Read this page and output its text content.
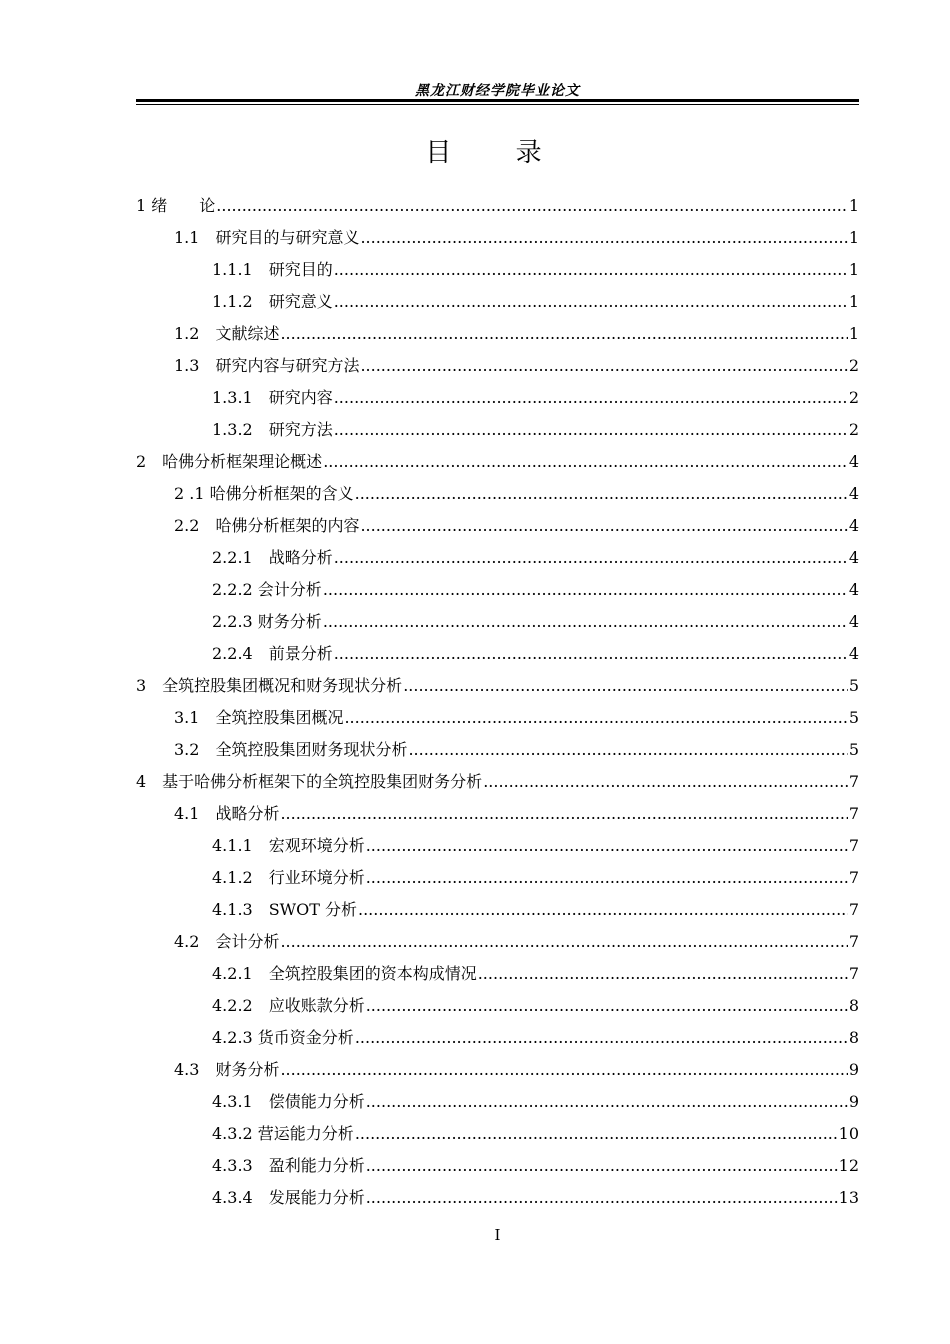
黑龙江财经学院毕业论文
目 录
1 绪　　论 .....	1
1.1　研究目的与研究意义 .....	1
1.1.1　研究目的 .....	1
1.1.2　研究意义 .....	1
1.2　文献综述 .....	1
1.3　研究内容与研究方法 .....	2
1.3.1　研究内容 .....	2
1.3.2　研究方法 .....	2
2　哈佛分析框架理论概述 .....	4
2 .1 哈佛分析框架的含义 .....	4
2.2　哈佛分析框架的内容 .....	4
2.2.1　战略分析 .....	4
2.2.2 会计分析 .....	4
2.2.3 财务分析 .....	4
2.2.4　前景分析 .....	4
3　全筑控股集团概况和财务现状分析 .....	5
3.1　全筑控股集团概况 .....	5
3.2　全筑控股集团财务现状分析 .....	5
4　基于哈佛分析框架下的全筑控股集团财务分析 .....	7
4.1　战略分析 .....	7
4.1.1　宏观环境分析 .....	7
4.1.2　行业环境分析 .....	7
4.1.3　SWOT 分析 .....	7
4.2　会计分析 .....	7
4.2.1　全筑控股集团的资本构成情况 .....	7
4.2.2　应收账款分析 .....	8
4.2.3 货币资金分析 .....	8
4.3　财务分析 .....	9
4.3.1　偿债能力分析 .....	9
4.3.2 营运能力分析 .....	10
4.3.3　盈利能力分析 .....	12
4.3.4　发展能力分析 .....	13
I
